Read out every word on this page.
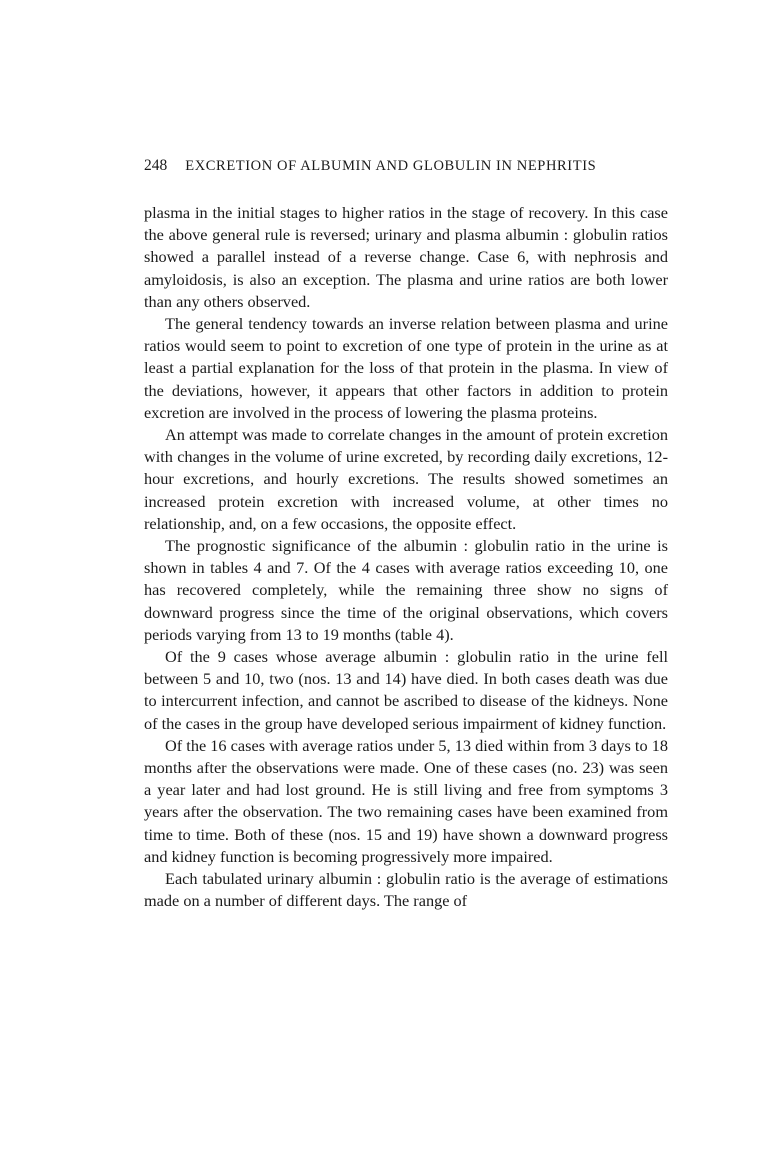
248 EXCRETION OF ALBUMIN AND GLOBULIN IN NEPHRITIS

plasma in the initial stages to higher ratios in the stage of recovery. In this case the above general rule is reversed; urinary and plasma albumin : globulin ratios showed a parallel instead of a reverse change. Case 6, with nephrosis and amyloidosis, is also an exception. The plasma and urine ratios are both lower than any others observed.

The general tendency towards an inverse relation between plasma and urine ratios would seem to point to excretion of one type of protein in the urine as at least a partial explanation for the loss of that protein in the plasma. In view of the deviations, however, it appears that other factors in addition to protein excretion are involved in the process of lowering the plasma proteins.

An attempt was made to correlate changes in the amount of protein excretion with changes in the volume of urine excreted, by recording daily excretions, 12-hour excretions, and hourly excretions. The results showed sometimes an increased protein excretion with increased volume, at other times no relationship, and, on a few occasions, the opposite effect.

The prognostic significance of the albumin : globulin ratio in the urine is shown in tables 4 and 7. Of the 4 cases with average ratios exceeding 10, one has recovered completely, while the remaining three show no signs of downward progress since the time of the original observations, which covers periods varying from 13 to 19 months (table 4).

Of the 9 cases whose average albumin : globulin ratio in the urine fell between 5 and 10, two (nos. 13 and 14) have died. In both cases death was due to intercurrent infection, and cannot be ascribed to disease of the kidneys. None of the cases in the group have developed serious impairment of kidney function.

Of the 16 cases with average ratios under 5, 13 died within from 3 days to 18 months after the observations were made. One of these cases (no. 23) was seen a year later and had lost ground. He is still living and free from symptoms 3 years after the observation. The two remaining cases have been examined from time to time. Both of these (nos. 15 and 19) have shown a downward progress and kidney function is becoming progressively more impaired.

Each tabulated urinary albumin : globulin ratio is the average of estimations made on a number of different days. The range of
